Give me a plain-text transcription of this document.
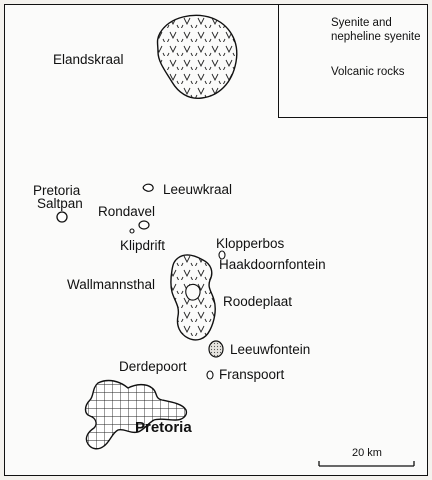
Syenite and
nepheline syenite
Volcanic rocks
Elandskraal
Pretoria
Saltpan
Leeuwkraal
Rondavel
Klipdrift	Klopperbos
Haakdoornfontein
Wallmannsthal
Roodeplaat
Leeuwfontein
Franspoort
Derdepoort
Pretoria
20 km
